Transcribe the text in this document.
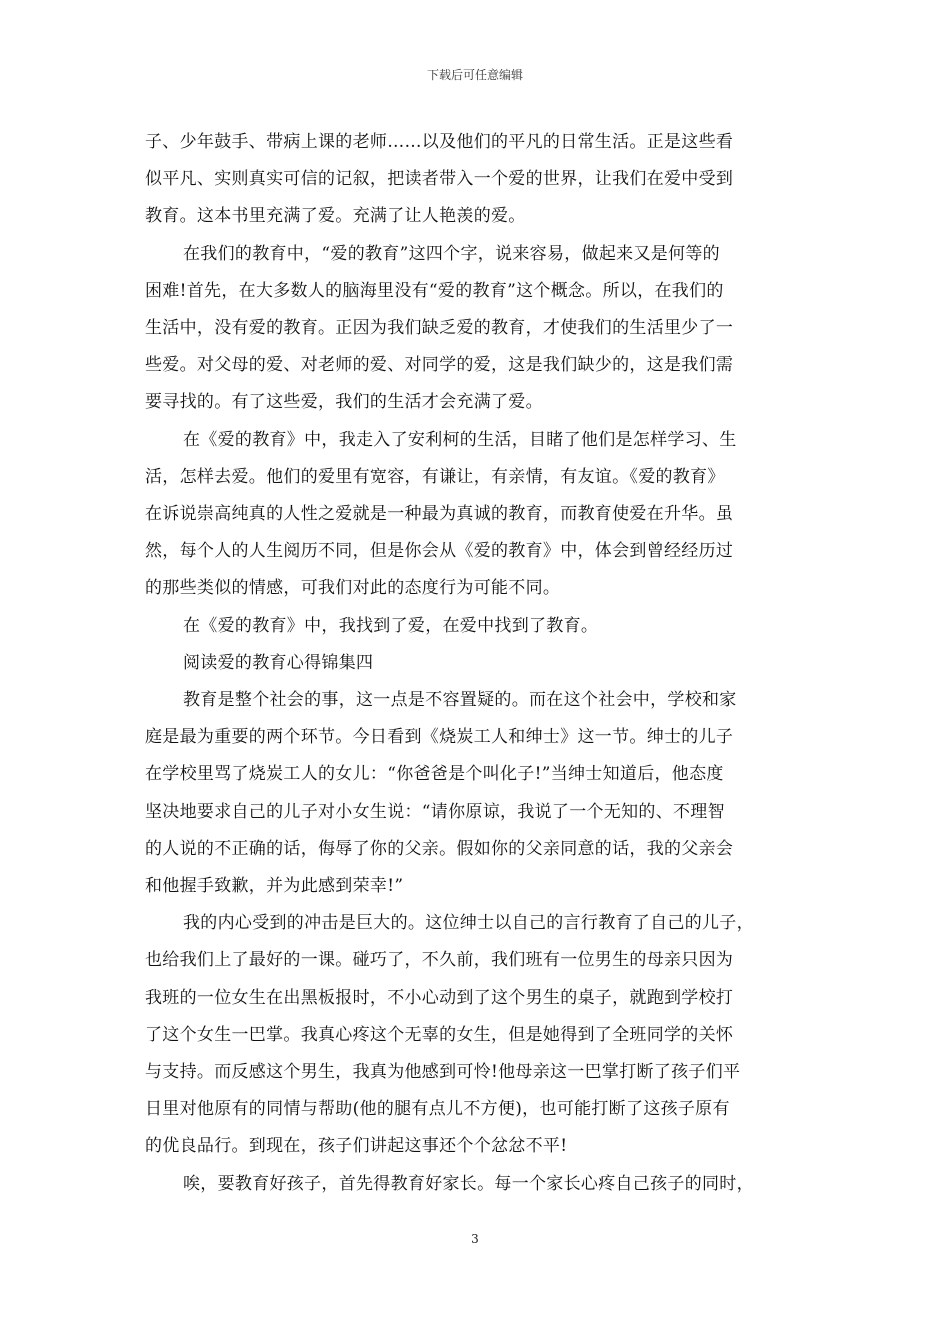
下载后可任意编辑
子、少年鼓手、带病上课的老师……以及他们的平凡的日常生活。正是这些看
似平凡、实则真实可信的记叙，把读者带入一个爱的世界，让我们在爱中受到
教育。这本书里充满了爱。充满了让人艳羡的爱。
在我们的教育中，“爱的教育”这四个字，说来容易，做起来又是何等的
困难!首先，在大多数人的脑海里没有“爱的教育”这个概念。所以，在我们的
生活中，没有爱的教育。正因为我们缺乏爱的教育，才使我们的生活里少了一
些爱。对父母的爱、对老师的爱、对同学的爱，这是我们缺少的，这是我们需
要寻找的。有了这些爱，我们的生活才会充满了爱。
在《爱的教育》中，我走入了安利柯的生活，目睹了他们是怎样学习、生
活，怎样去爱。他们的爱里有宽容，有谦让，有亲情，有友谊。《爱的教育》
在诉说崇高纯真的人性之爱就是一种最为真诚的教育，而教育使爱在升华。虽
然，每个人的人生阅历不同，但是你会从《爱的教育》中，体会到曾经经历过
的那些类似的情感，可我们对此的态度行为可能不同。
在《爱的教育》中，我找到了爱，在爱中找到了教育。
阅读爱的教育心得锦集四
教育是整个社会的事，这一点是不容置疑的。而在这个社会中，学校和家
庭是最为重要的两个环节。今日看到《烧炭工人和绅士》这一节。绅士的儿子
在学校里骂了烧炭工人的女儿：“你爸爸是个叫化子!”当绅士知道后，他态度
坚决地要求自己的儿子对小女生说：“请你原谅，我说了一个无知的、不理智
的人说的不正确的话，侮辱了你的父亲。假如你的父亲同意的话，我的父亲会
和他握手致歉，并为此感到荣幸!”
我的内心受到的冲击是巨大的。这位绅士以自己的言行教育了自己的儿子，
也给我们上了最好的一课。碰巧了，不久前，我们班有一位男生的母亲只因为
我班的一位女生在出黑板报时，不小心动到了这个男生的桌子，就跑到学校打
了这个女生一巴掌。我真心疼这个无辜的女生，但是她得到了全班同学的关怀
与支持。而反感这个男生，我真为他感到可怜!他母亲这一巴掌打断了孩子们平
日里对他原有的同情与帮助(他的腿有点儿不方便)，也可能打断了这孩子原有
的优良品行。到现在，孩子们讲起这事还个个忿忿不平!
唉，要教育好孩子，首先得教育好家长。每一个家长心疼自己孩子的同时，
3
